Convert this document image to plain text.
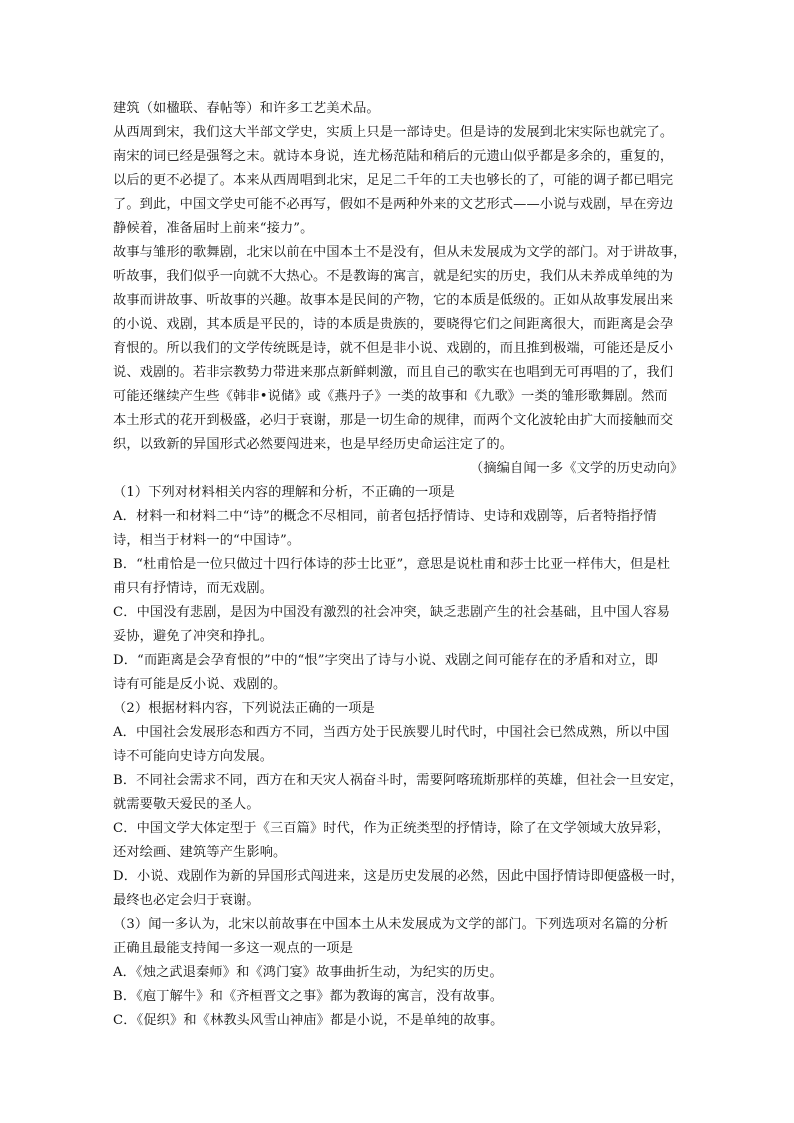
建筑（如楹联、春帖等）和许多工艺美术品。
从西周到宋，我们这大半部文学史，实质上只是一部诗史。但是诗的发展到北宋实际也就完了。
南宋的词已经是强弩之末。就诗本身说，连尤杨范陆和稍后的元遗山似乎都是多余的，重复的，
以后的更不必提了。本来从西周唱到北宋，足足二千年的工夫也够长的了，可能的调子都已唱完
了。到此，中国文学史可能不必再写，假如不是两种外来的文艺形式——小说与戏剧，早在旁边
静候着，准备届时上前来“接力”。
故事与雏形的歌舞剧，北宋以前在中国本土不是没有，但从未发展成为文学的部门。对于讲故事，
听故事，我们似乎一向就不大热心。不是教诲的寓言，就是纪实的历史，我们从未养成单纯的为
故事而讲故事、听故事的兴趣。故事本是民间的产物，它的本质是低级的。正如从故事发展出来
的小说、戏剧，其本质是平民的，诗的本质是贵族的，要晓得它们之间距离很大，而距离是会孕
育恨的。所以我们的文学传统既是诗，就不但是非小说、戏剧的，而且推到极端，可能还是反小
说、戏剧的。若非宗教势力带进来那点新鲜刺激，而且自己的歌实在也唱到无可再唱的了，我们
可能还继续产生些《韩非•说储》或《燕丹子》一类的故事和《九歌》一类的雏形歌舞剧。然而
本土形式的花开到极盛，必归于衰谢，那是一切生命的规律，而两个文化波轮由扩大而接触而交
织，以致新的异国形式必然要闯进来，也是早经历史命运注定了的。
（摘编自闻一多《文学的历史动向》
（1）下列对材料相关内容的理解和分析，不正确的一项是
A．材料一和材料二中“诗”的概念不尽相同，前者包括抒情诗、史诗和戏剧等，后者特指抒情
诗，相当于材料一的“中国诗”。
B．“杜甫恰是一位只做过十四行体诗的莎士比亚”，意思是说杜甫和莎士比亚一样伟大，但是杜
甫只有抒情诗，而无戏剧。
C．中国没有悲剧，是因为中国没有激烈的社会冲突，缺乏悲剧产生的社会基础，且中国人容易
妥协，避免了冲突和挣扎。
D．“而距离是会孕育恨的”中的“恨”字突出了诗与小说、戏剧之间可能存在的矛盾和对立，即
诗有可能是反小说、戏剧的。
（2）根据材料内容，下列说法正确的一项是
A．中国社会发展形态和西方不同，当西方处于民族婴儿时代时，中国社会已然成熟，所以中国
诗不可能向史诗方向发展。
B．不同社会需求不同，西方在和天灾人祸奋斗时，需要阿喀琉斯那样的英雄，但社会一旦安定，
就需要敬天爱民的圣人。
C．中国文学大体定型于《三百篇》时代，作为正统类型的抒情诗，除了在文学领域大放异彩，
还对绘画、建筑等产生影响。
D．小说、戏剧作为新的异国形式闯进来，这是历史发展的必然，因此中国抒情诗即便盛极一时，
最终也必定会归于衰谢。
（3）闻一多认为，北宋以前故事在中国本土从未发展成为文学的部门。下列选项对名篇的分析
正确且最能支持闻一多这一观点的一项是
A．《烛之武退秦师》和《鸿门宴》故事曲折生动，为纪实的历史。
B．《庖丁解牛》和《齐桓晋文之事》都为教诲的寓言，没有故事。
C．《促织》和《林教头风雪山神庙》都是小说，不是单纯的故事。
